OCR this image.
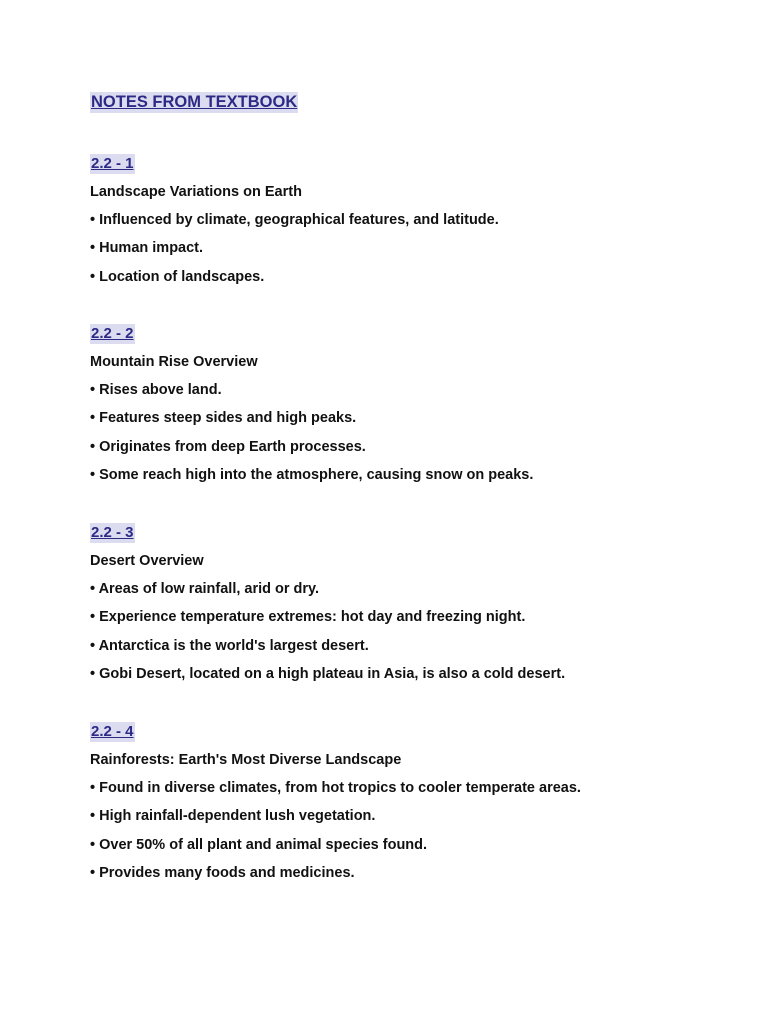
NOTES FROM TEXTBOOK
2.2 - 1
Landscape Variations on Earth
• Influenced by climate, geographical features, and latitude.
• Human impact.
• Location of landscapes.
2.2 - 2
Mountain Rise Overview
• Rises above land.
• Features steep sides and high peaks.
• Originates from deep Earth processes.
• Some reach high into the atmosphere, causing snow on peaks.
2.2 - 3
Desert Overview
• Areas of low rainfall, arid or dry.
• Experience temperature extremes: hot day and freezing night.
• Antarctica is the world's largest desert.
• Gobi Desert, located on a high plateau in Asia, is also a cold desert.
2.2 - 4
Rainforests: Earth's Most Diverse Landscape
• Found in diverse climates, from hot tropics to cooler temperate areas.
• High rainfall-dependent lush vegetation.
• Over 50% of all plant and animal species found.
• Provides many foods and medicines.
